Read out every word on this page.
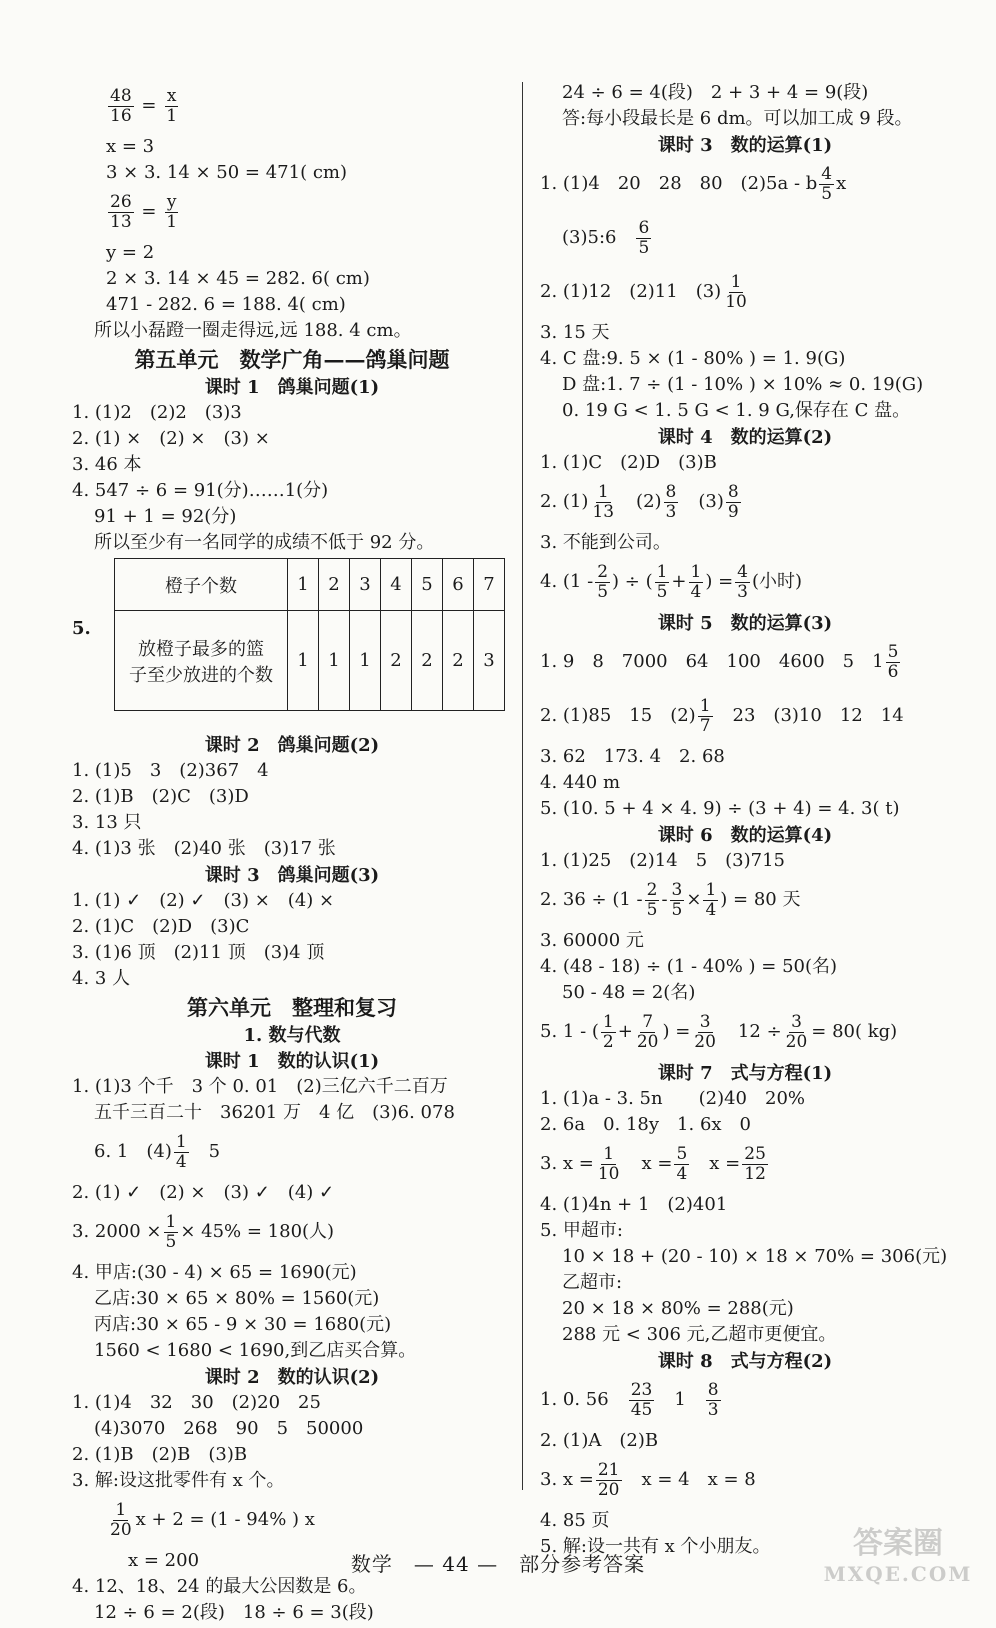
$\frac{48}{16} = \frac{x}{1}$
x = 3
3 × 3. 14 × 50 = 471( cm)
$\frac{26}{13} = \frac{y}{1}$
y = 2
2 × 3. 14 × 45 = 282. 6( cm)
471 - 282. 6 = 188. 4( cm)
所以小磊蹬一圈走得远,远 188. 4 cm。
第五单元　数学广角——鸽巢问题
课时 1　鸽巢问题(1)
1. (1)2　(2)2　(3)3
2. (1) ×　(2) ×　(3) ×
3. 46 本
4. 547 ÷ 6 = 91(分)……1(分)
91 + 1 = 92(分)
所以至少有一名同学的成绩不低于 92 分。
5.
橙子个数	1	2	3	4	5	6	7

放橙子最多的篮
子至少放进的个数	1	1	1	2	2	2	3
课时 2　鸽巢问题(2)
1. (1)5　3　(2)367　4
2. (1)B　(2)C　(3)D
3. 13 只
4. (1)3 张　(2)40 张　(3)17 张
课时 3　鸽巢问题(3)
1. (1) ✓　(2) ✓　(3) ×　(4) ×
2. (1)C　(2)D　(3)C
3. (1)6 顶　(2)11 顶　(3)4 顶
4. 3 人
第六单元　整理和复习
1. 数与代数
课时 1　数的认识(1)
1. (1)3 个千　3 个 0. 01　(2)三亿六千二百万
五千三百二十　36201 万　4 亿　(3)6. 078
6. 1　$(4) \frac{1}{4}$ 　5
2. (1) ✓　(2) ×　(3) ✓　(4) ✓
3. $2000 \times \frac{1}{5} \times 45\% = 180$(人)
4. 甲店:(30 - 4) × 65 = 1690(元)
乙店:30 × 65 × 80% = 1560(元)
丙店:30 × 65 - 9 × 30 = 1680(元)
1560 < 1680 < 1690,到乙店买合算。
课时 2　数的认识(2)
1. (1)4　32　30　(2)20　25
(4)3070　268　90　5　50000
2. (1)B　(2)B　(3)B
3. 解:设这批零件有 x 个。
$\frac{1}{20}$ x + 2 = (1 - 94% ) x
x = 200
4. 12、18、24 的最大公因数是 6。
12 ÷ 6 = 2(段)　18 ÷ 6 = 3(段)
24 ÷ 6 = 4(段)　2 + 3 + 4 = 9(段)
答:每小段最长是 6 dm。可以加工成 9 段。
课时 3　数的运算(1)
1. (1)4　20　28　80　(2)5a - b $\frac{4}{5}$ x
(3)5:6　 $\frac{6}{5}$
2. (1)12　(2)11　$(3) \frac{1}{10}$
3. 15 天
4. C 盘:9. 5 × (1 - 80% ) = 1. 9(G)
D 盘:1. 7 ÷ (1 - 10% ) × 10% ≈ 0. 19(G)
0. 19 G < 1. 5 G < 1. 9 G,保存在 C 盘。
课时 4　数的运算(2)
1. (1)C　(2)D　(3)B
2. $(1) \frac{1}{13}$ 　$(2) \frac{8}{3}$ 　$(3) \frac{8}{9}$
3. 不能到公司。
4. ($1 - \frac{2}{5}$ ) ÷ ( $\frac{1}{5} + \frac{1}{4}$ ) = $\frac{4}{3}$ (小时)
课时 5　数的运算(3)
1. 9　8　7000　64　100　4600　5　$1 \frac{5}{6}$
2. (1)85　15　$(2) \frac{1}{7}$ 　23　(3)10　12　14
3. 62　173. 4　2. 68
4. 440 m
5. (10. 5 + 4 × 4. 9) ÷ (3 + 4) = 4. 3( t)
课时 6　数的运算(4)
1. (1)25　(2)14　5　(3)715
2. $36 \div (1 - \frac{2}{5} - \frac{3}{5} \times \frac{1}{4}$ ) = 80 天
3. 60000 元
4. (48 - 18) ÷ (1 - 40% ) = 50(名)
50 - 48 = 2(名)
5. 1 - ( $\frac{1}{2} + \frac{7}{20}$ ) = $\frac{3}{20}$ 　$12 \div \frac{3}{20} = 80$( kg)
课时 7　式与方程(1)
1. (1)a - 3. 5n　　(2)40　20%
2. 6a　0. 18y　1. 6x　0
3. $x = \frac{1}{10}$ 　$x = \frac{5}{4}$ 　$x = \frac{25}{12}$
4. (1)4n + 1　(2)401
5. 甲超市:
10 × 18 + (20 - 10) × 18 × 70% = 306(元)
乙超市:
20 × 18 × 80% = 288(元)
288 元 < 306 元,乙超市更便宜。
课时 8　式与方程(2)
1. 0. 56　 $\frac{23}{45}$ 　1　 $\frac{8}{3}$
2. (1)A　(2)B
3. $x = \frac{21}{20}$ 　x = 4　x = 8
4. 85 页
5. 解:设一共有 x 个小朋友。
数学　— 44 —　部分参考答案
答案圈
MXQE.COM
